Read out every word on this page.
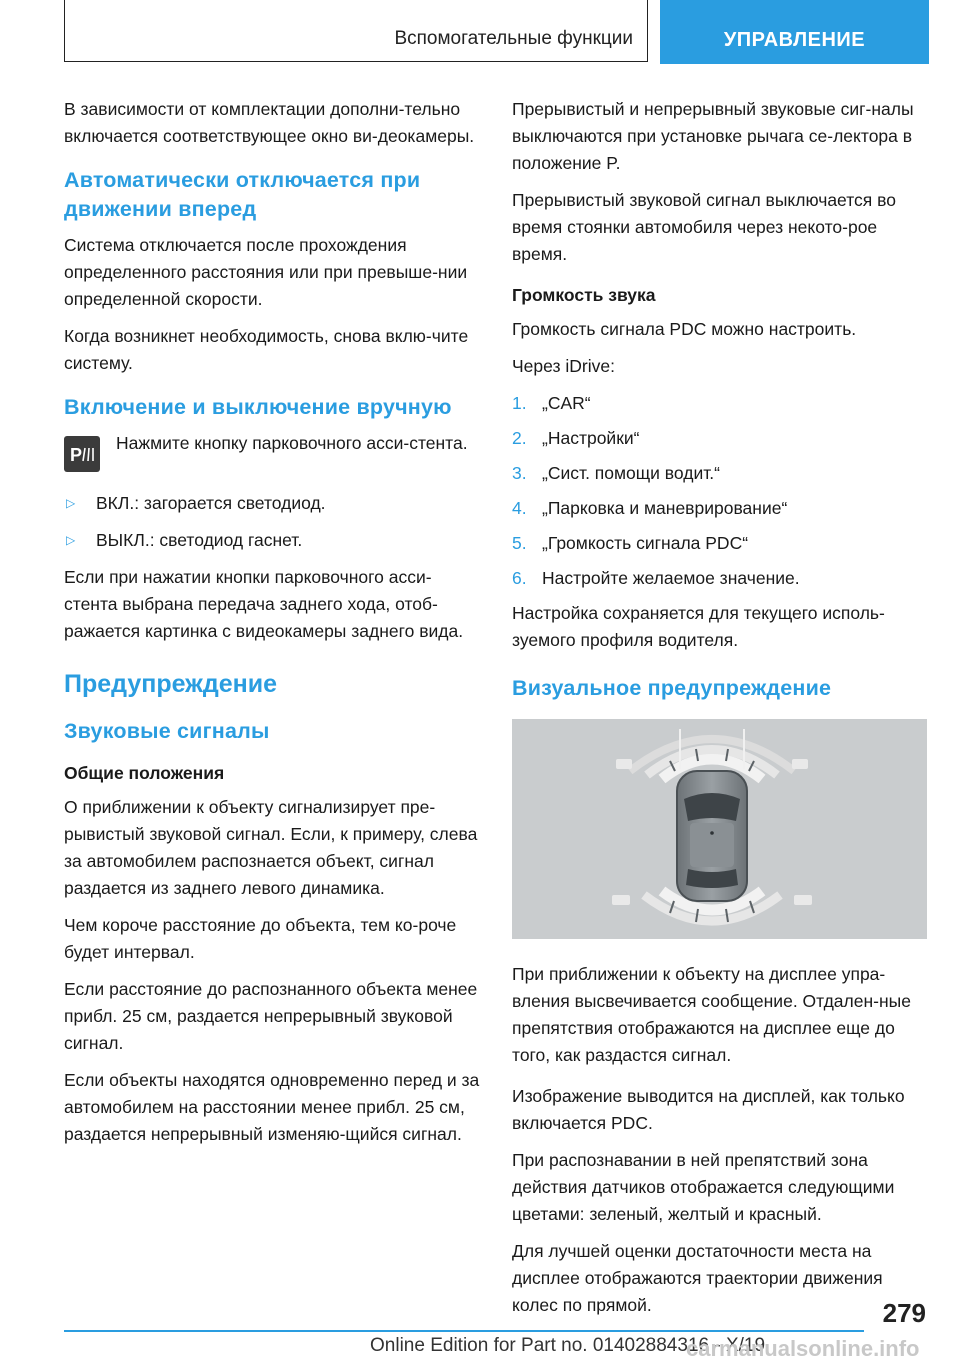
Вспомогательные функции	УПРАВЛЕНИЕ

В зависимости от комплектации дополни-тельно включается соответствующее окно ви-деокамеры.

Автоматически отключается при движении вперед

Система отключается после прохождения определенного расстояния или при превыше-нии определенной скорости.

Когда возникнет необходимость, снова вклю-чите систему.

Включение и выключение вручную
P

Нажмите кнопку парковочного асси-стента.

▷	ВКЛ.: загорается светодиод.
▷	ВЫКЛ.: светодиод гаснет.

Если при нажатии кнопки парковочного асси-стента выбрана передача заднего хода, отоб-ражается картинка с видеокамеры заднего вида.

Предупреждение
Звуковые сигналы
Общие положения

О приближении к объекту сигнализирует пре-рывистый звуковой сигнал. Если, к примеру, слева за автомобилем распознается объект, сигнал раздается из заднего левого динамика.

Чем короче расстояние до объекта, тем ко-роче будет интервал.

Если расстояние до распознанного объекта менее прибл. 25 см, раздается непрерывный звуковой сигнал.

Если объекты находятся одновременно перед и за автомобилем на расстоянии менее прибл. 25 см, раздается непрерывный изменяю-щийся сигнал.

Прерывистый и непрерывный звуковые сиг-налы выключаются при установке рычага се-лектора в положение P.

Прерывистый звуковой сигнал выключается во время стоянки автомобиля через некото-рое время.

Громкость звука

Громкость сигнала PDC можно настроить.

Через iDrive:

1. „CAR“
2. „Настройки“
3. „Сист. помощи водит.“
4. „Парковка и маневрирование“
5. „Громкость сигнала PDC“
6. Настройте желаемое значение.

Настройка сохраняется для текущего исполь-зуемого профиля водителя.

Визуальное предупреждение

При приближении к объекту на дисплее упра-вления высвечивается сообщение. Отдален-ные препятствия отображаются на дисплее еще до того, как раздастся сигнал.

Изображение выводится на дисплей, как только включается PDC.

При распознавании в ней препятствий зона действия датчиков отображается следующими цветами: зеленый, желтый и красный.

Для лучшей оценки достаточности места на дисплее отображаются траектории движения колес по прямой.	279
Online Edition for Part no. 01402884316 - X/19
carmanualsonline.info
